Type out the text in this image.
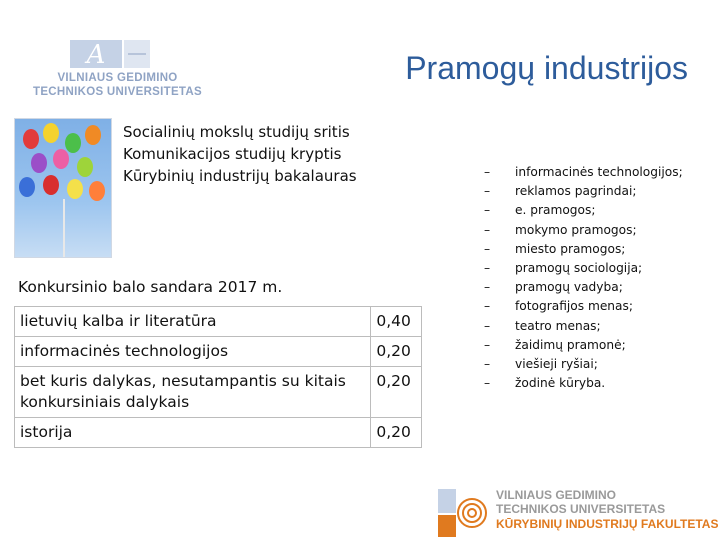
A
VILNIAUS GEDIMINO
TECHNIKOS UNIVERSITETAS
Pramogų industrijos
Socialinių mokslų studijų sritis
Komunikacijos studijų kryptis
Kūrybinių industrijų bakalauras
Konkursinio balo sandara 2017 m.
lietuvių kalba ir literatūra	0,40
informacinės technologijos	0,20
bet kuris dalykas, nesutampantis su kitais konkursiniais dalykais	0,20
istorija	0,20
– informacinės technologijos;
– reklamos pagrindai;
– e. pramogos;
– mokymo pramogos;
– miesto pramogos;
– pramogų sociologija;
– pramogų vadyba;
– fotografijos menas;
– teatro menas;
– žaidimų pramonė;
– viešieji ryšiai;
– žodinė kūryba.
VILNIAUS GEDIMINO
TECHNIKOS UNIVERSITETAS
KŪRYBINIŲ INDUSTRIJŲ FAKULTETAS
